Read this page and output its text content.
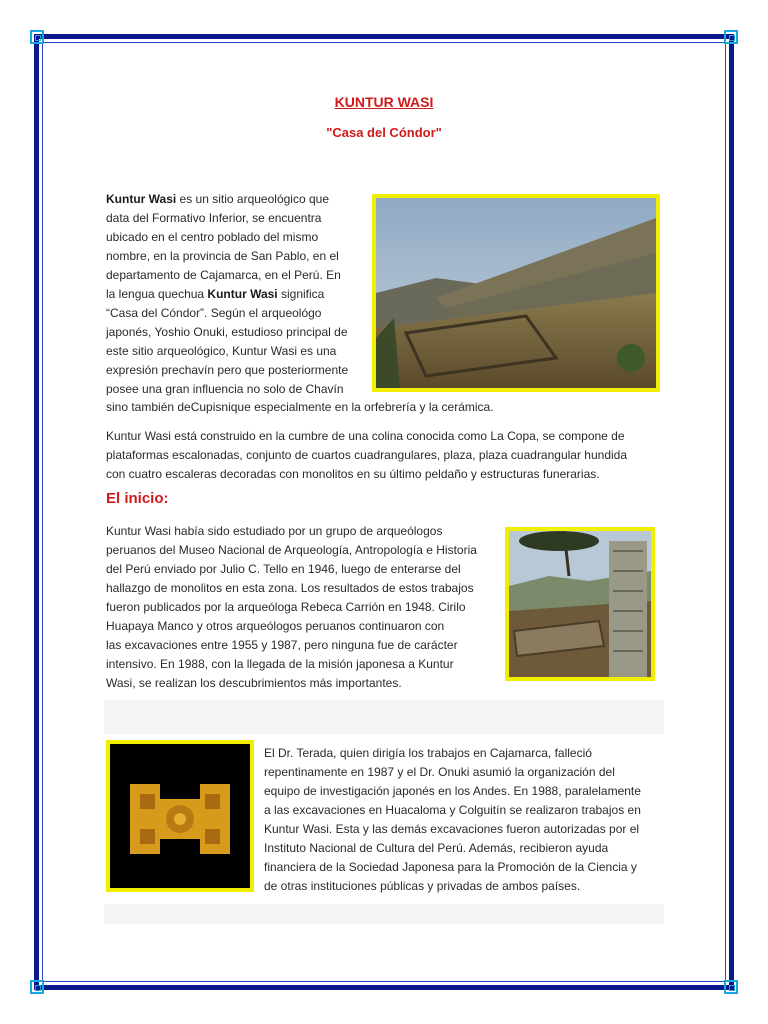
KUNTUR WASI
"Casa del Cóndor"
Kuntur Wasi es un sitio arqueológico que
data del Formativo Inferior, se encuentra
ubicado en el centro poblado del mismo
nombre, en la provincia de San Pablo, en el
departamento de Cajamarca, en el Perú. En
la lengua quechua Kuntur Wasi significa
“Casa del Cóndor”. Según el arqueológo
japonés, Yoshio Onuki, estudioso principal de
este sitio arqueológico, Kuntur Wasi es una
expresión prechavín pero que posteriormente
posee una gran influencia no solo de Chavín
sino también deCupisnique especialmente en la orfebrería y la cerámica.
Kuntur Wasi está construido en la cumbre de una colina conocida como La Copa, se compone de
plataformas escalonadas, conjunto de cuartos cuadrangulares, plaza, plaza cuadrangular hundida
con cuatro escaleras decoradas con monolitos en su último peldaño y estructuras funerarias.
El inicio:
Kuntur Wasi había sido estudiado por un grupo de arqueólogos
peruanos del Museo Nacional de Arqueología, Antropología e Historia
del Perú enviado por Julio C. Tello en 1946, luego de enterarse del
hallazgo de monolitos en esta zona. Los resultados de estos trabajos
fueron publicados por la arqueóloga Rebeca Carrión en 1948. Cirilo
Huapaya Manco y otros arqueólogos peruanos continuaron con
las excavaciones entre 1955 y 1987, pero ninguna fue de carácter
intensivo. En 1988, con la llegada de la misión japonesa a Kuntur
Wasi, se realizan los descubrimientos más importantes.
El Dr. Terada, quien dirigía los trabajos en Cajamarca, falleció
repentinamente en 1987 y el Dr. Onuki asumió la organización del
equipo de investigación japonés en los Andes. En 1988, paralelamente
a las excavaciones en Huacaloma y Colguitín se realizaron trabajos en
Kuntur Wasi. Esta y las demás excavaciones fueron autorizadas por el
Instituto Nacional de Cultura del Perú. Además, recibieron ayuda
financiera de la Sociedad Japonesa para la Promoción de la Ciencia y
de otras instituciones públicas y privadas de ambos países.
